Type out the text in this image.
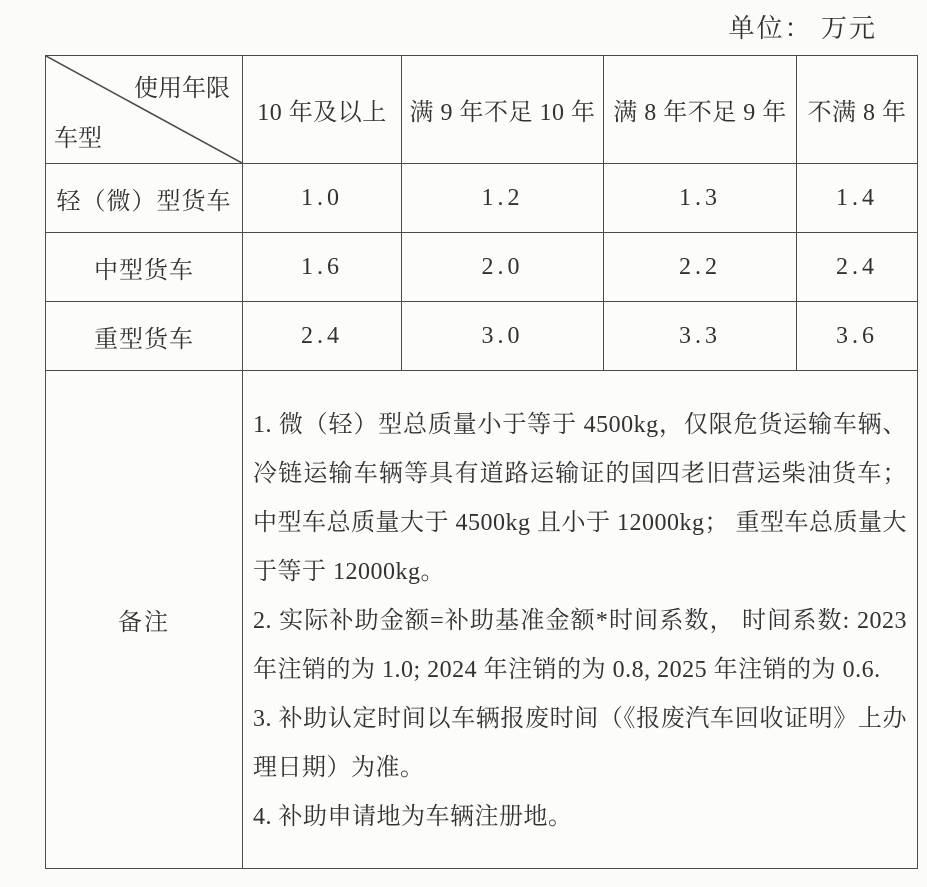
单位： 万元
使用年限
车型	10 年及以上	满 9 年不足 10 年	满 8 年不足 9 年	不满 8 年
轻（微）型货车	1.0	1.2	1.3	1.4
中型货车	1.6	2.0	2.2	2.4
重型货车	2.4	3.0	3.3	3.6
备注	1. 微（轻）型总质量小于等于 4500kg，仅限危货运输车辆、冷链运输车辆等具有道路运输证的国四老旧营运柴油货车； 中型车总质量大于 4500kg 且小于 12000kg； 重型车总质量大于等于 12000kg。

2. 实际补助金额=补助基准金额*时间系数， 时间系数: 2023 年注销的为 1.0; 2024 年注销的为 0.8, 2025 年注销的为 0.6.

3. 补助认定时间以车辆报废时间（《报废汽车回收证明》上办理日期）为准。

4. 补助申请地为车辆注册地。			
